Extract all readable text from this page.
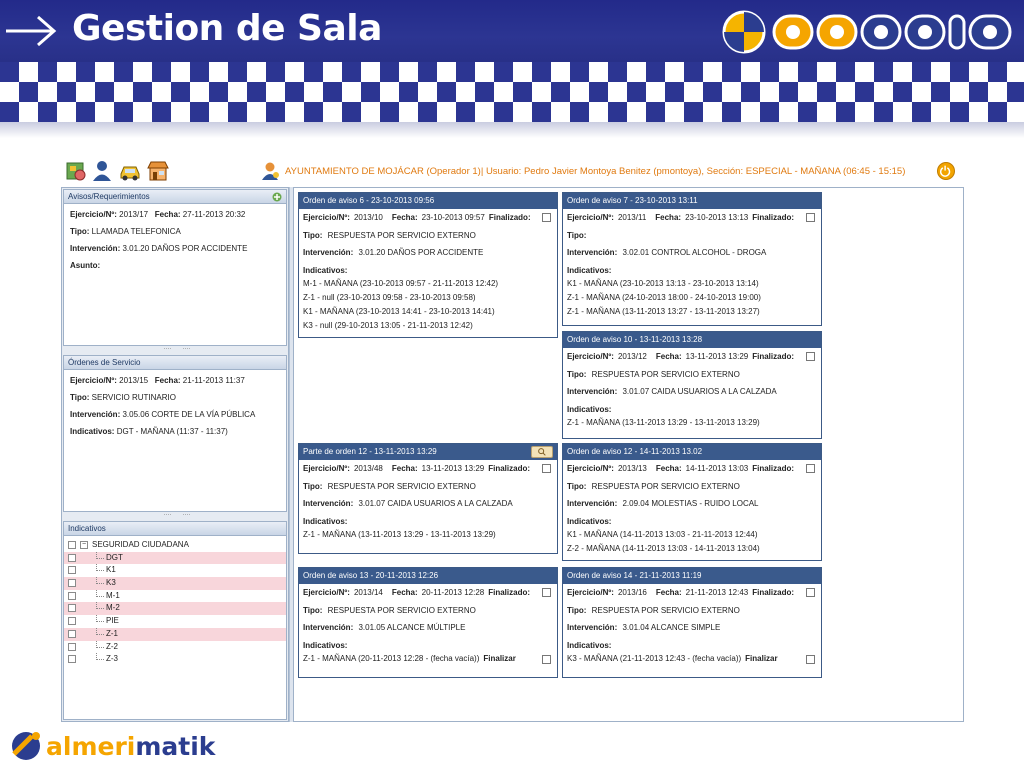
Gestion de Sala
AYUNTAMIENTO DE MOJÁCAR (Operador 1)| Usuario: Pedro Javier Montoya Benitez (pmontoya), Sección: ESPECIAL - MAÑANA (06:45 - 15:15)
Avisos/Requerimientos
Ejercicio/Nº: 2013/17 Fecha: 27-11-2013 20:32
Tipo: LLAMADA TELEFONICA
Intervención: 3.01.20 DAÑOS POR ACCIDENTE
Asunto:
····      ····
Órdenes de Servicio
Ejercicio/Nº: 2013/15 Fecha: 21-11-2013 11:37
Tipo: SERVICIO RUTINARIO
Intervención: 3.05.06 CORTE DE LA VÍA PÚBLICA
Indicativos: DGT - MAÑANA (11:37 - 11:37)
····      ····
Indicativos
− SEGURIDAD CIUDADANA
DGT
K1
K3
M-1
M-2
PIE
Z-1
Z-2
Z-3
Orden de aviso 6 - 23-10-2013 09:56
Ejercicio/Nº: 2013/10 Fecha: 23-10-2013 09:57 Finalizado:
Tipo: RESPUESTA POR SERVICIO EXTERNO
Intervención: 3.01.20 DAÑOS POR ACCIDENTE
Indicativos:
M-1 - MAÑANA (23-10-2013 09:57 - 21-11-2013 12:42)
Z-1 - null (23-10-2013 09:58 - 23-10-2013 09:58)
K1 - MAÑANA (23-10-2013 14:41 - 23-10-2013 14:41)
K3 - null (29-10-2013 13:05 - 21-11-2013 12:42)
Orden de aviso 7 - 23-10-2013 13:11
Ejercicio/Nº: 2013/11 Fecha: 23-10-2013 13:13 Finalizado:
Tipo:
Intervención: 3.02.01 CONTROL ALCOHOL - DROGA
Indicativos:
K1 - MAÑANA (23-10-2013 13:13 - 23-10-2013 13:14)
Z-1 - MAÑANA (24-10-2013 18:00 - 24-10-2013 19:00)
Z-1 - MAÑANA (13-11-2013 13:27 - 13-11-2013 13:27)
Orden de aviso 10 - 13-11-2013 13:28
Ejercicio/Nº: 2013/12 Fecha: 13-11-2013 13:29 Finalizado:
Tipo: RESPUESTA POR SERVICIO EXTERNO
Intervención: 3.01.07 CAIDA USUARIOS A LA CALZADA
Indicativos:
Z-1 - MAÑANA (13-11-2013 13:29 - 13-11-2013 13:29)
Parte de orden 12 - 13-11-2013 13:29
Ejercicio/Nº: 2013/48 Fecha: 13-11-2013 13:29 Finalizado:
Tipo: RESPUESTA POR SERVICIO EXTERNO
Intervención: 3.01.07 CAIDA USUARIOS A LA CALZADA
Indicativos:
Z-1 - MAÑANA (13-11-2013 13:29 - 13-11-2013 13:29)
Orden de aviso 12 - 14-11-2013 13.02
Ejercicio/Nº: 2013/13 Fecha: 14-11-2013 13:03 Finalizado:
Tipo: RESPUESTA POR SERVICIO EXTERNO
Intervención: 2.09.04 MOLESTIAS - RUIDO LOCAL
Indicativos:
K1 - MAÑANA (14-11-2013 13:03 - 21-11-2013 12:44)
Z-2 - MAÑANA (14-11-2013 13:03 - 14-11-2013 13:04)
Orden de aviso 13 - 20-11-2013 12:26
Ejercicio/Nº: 2013/14 Fecha: 20-11-2013 12:28 Finalizado:
Tipo: RESPUESTA POR SERVICIO EXTERNO
Intervención: 3.01.05 ALCANCE MÚLTIPLE
Indicativos:
Z-1 - MAÑANA (20-11-2013 12:28 - (fecha vacía)) Finalizar
Orden de aviso 14 - 21-11-2013 11:19
Ejercicio/Nº: 2013/16 Fecha: 21-11-2013 12:43 Finalizado:
Tipo: RESPUESTA POR SERVICIO EXTERNO
Intervención: 3.01.04 ALCANCE SIMPLE
Indicativos:
K3 - MAÑANA (21-11-2013 12:43 - (fecha vacía)) Finalizar
almerimatik
